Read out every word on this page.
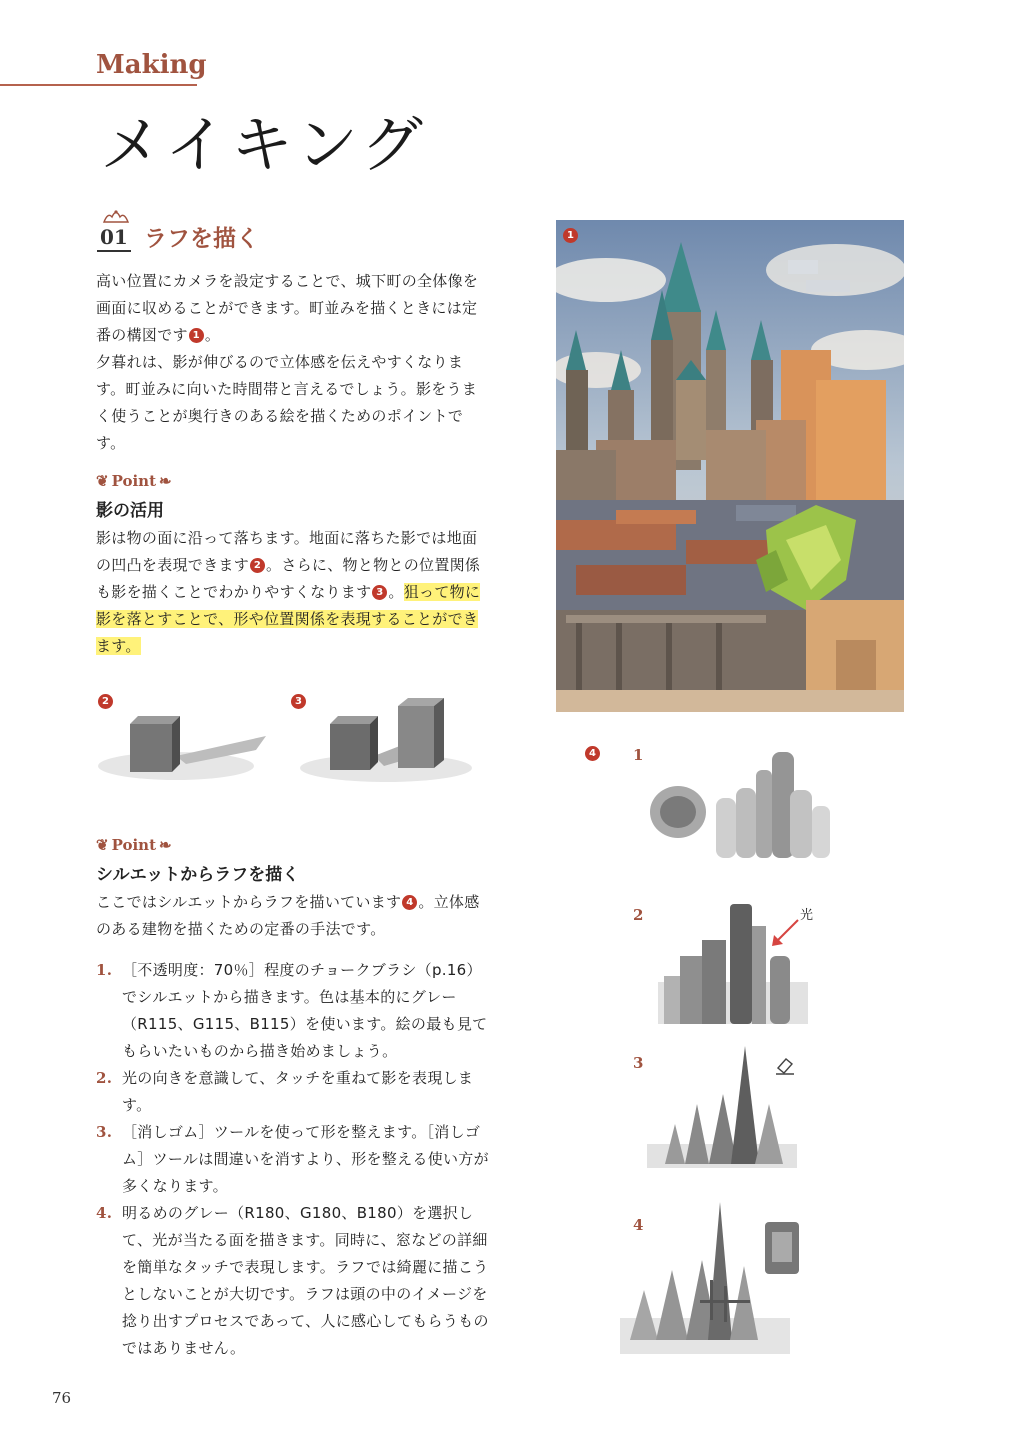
Making
メイキング
01 ラフを描く
高い位置にカメラを設定することで、城下町の全体像を画面に収めることができます。町並みを描くときには定番の構図です 1 。
夕暮れは、影が伸びるので立体感を伝えやすくなります。町並みに向いた時間帯と言えるでしょう。影をうまく使うことが奥行きのある絵を描くためのポイントです。
❦ Point ❧
影の活用
影は物の面に沿って落ちます。地面に落ちた影では地面の凹凸を表現できます 2 。さらに、物と物との位置関係も影を描くことでわかりやすくなります 3 。狙って物に影を落とすことで、形や位置関係を表現することができます。
2	3
❦ Point ❧
シルエットからラフを描く
ここではシルエットからラフを描いています 4 。立体感のある建物を描くための定番の手法です。
1. ［不透明度：70％］程度のチョークブラシ（p.16）でシルエットから描きます。色は基本的にグレー（R115、G115、B115）を使います。絵の最も見てもらいたいものから描き始めましょう。
2. 光の向きを意識して、タッチを重ねて影を表現します。
3. ［消しゴム］ツールを使って形を整えます。［消しゴム］ツールは間違いを消すより、形を整える使い方が多くなります。
4. 明るめのグレー（R180、G180、B180）を選択して、光が当たる面を描きます。同時に、窓などの詳細を簡単なタッチで表現します。ラフでは綺麗に描こうとしないことが大切です。ラフは頭の中のイメージを捻り出すプロセスであって、人に感心してもらうものではありません。
76
1
4 1
2	光
3
4
